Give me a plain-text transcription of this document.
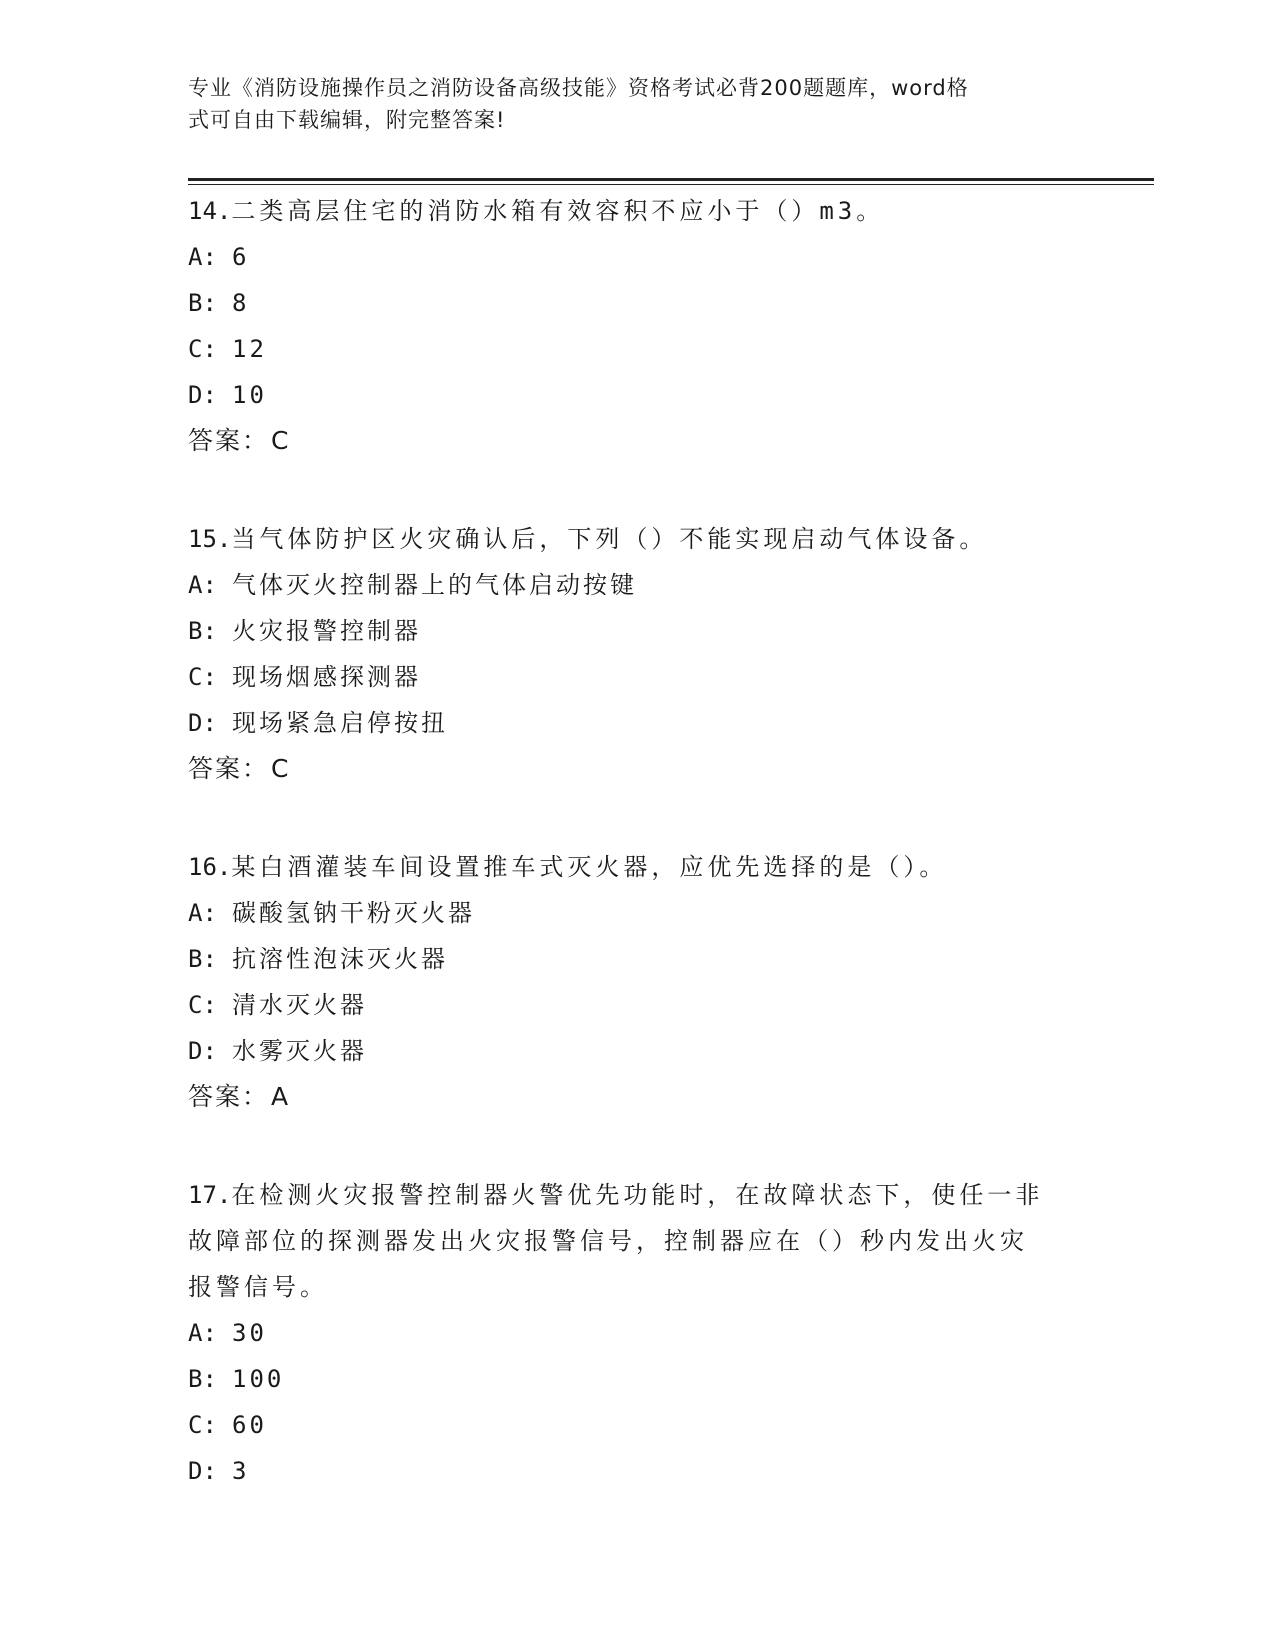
专业《消防设施操作员之消防设备高级技能》资格考试必背200题题库，word格
式可自由下载编辑，附完整答案!
14.二类高层住宅的消防水箱有效容积不应小于（）m3。
A: 6
B: 8
C: 12
D: 10
答案：C
15.当气体防护区火灾确认后，下列（）不能实现启动气体设备。
A: 气体灭火控制器上的气体启动按键
B: 火灾报警控制器
C: 现场烟感探测器
D: 现场紧急启停按扭
答案：C
16.某白酒灌装车间设置推车式灭火器，应优先选择的是（）。
A: 碳酸氢钠干粉灭火器
B: 抗溶性泡沫灭火器
C: 清水灭火器
D: 水雾灭火器
答案：A
17.在检测火灾报警控制器火警优先功能时，在故障状态下，使任一非
故障部位的探测器发出火灾报警信号，控制器应在（）秒内发出火灾
报警信号。
A: 30
B: 100
C: 60
D: 3
